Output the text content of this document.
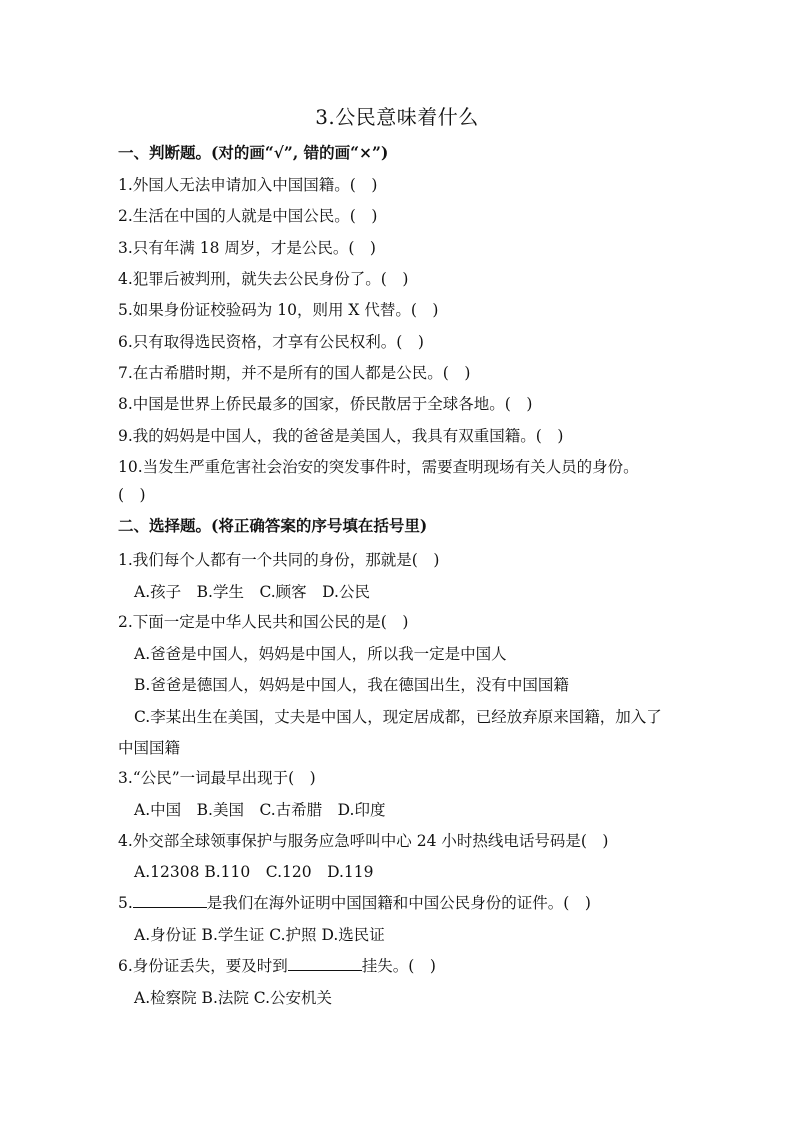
3.公民意味着什么
一、判断题。(对的画“√”, 错的画“×”)
1.外国人无法申请加入中国国籍。(　)
2.生活在中国的人就是中国公民。(　)
3.只有年满 18 周岁，才是公民。(　)
4.犯罪后被判刑，就失去公民身份了。(　)
5.如果身份证校验码为 10，则用 X 代替。(　)
6.只有取得选民资格，才享有公民权利。(　)
7.在古希腊时期，并不是所有的国人都是公民。(　)
8.中国是世界上侨民最多的国家，侨民散居于全球各地。(　)
9.我的妈妈是中国人，我的爸爸是美国人，我具有双重国籍。(　)
10.当发生严重危害社会治安的突发事件时，需要查明现场有关人员的身份。
(　)
二、选择题。(将正确答案的序号填在括号里)
1.我们每个人都有一个共同的身份，那就是(　)
A.孩子　B.学生　C.顾客　D.公民
2.下面一定是中华人民共和国公民的是(　)
A.爸爸是中国人，妈妈是中国人，所以我一定是中国人
B.爸爸是德国人，妈妈是中国人，我在德国出生，没有中国国籍
C.李某出生在美国，丈夫是中国人，现定居成都，已经放弃原来国籍，加入了
中国国籍
3.“公民”一词最早出现于(　)
A.中国　B.美国　C.古希腊　D.印度
4.外交部全球领事保护与服务应急呼叫中心 24 小时热线电话号码是(　)
A.12308 B.110　C.120　D.119
5.	是我们在海外证明中国国籍和中国公民身份的证件。(　)
A.身份证 B.学生证 C.护照 D.选民证
6.身份证丢失，要及时到	挂失。(　)
A.检察院 B.法院 C.公安机关
